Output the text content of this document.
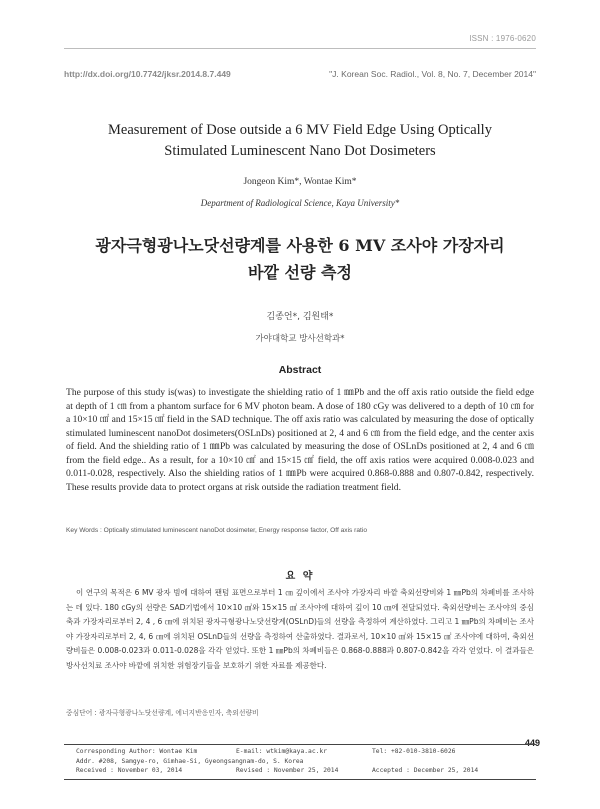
ISSN : 1976-0620
http://dx.doi.org/10.7742/jksr.2014.8.7.449	"J. Korean Soc. Radiol., Vol. 8, No. 7, December 2014"
Measurement of Dose outside a 6 MV Field Edge Using Optically
Stimulated Luminescent Nano Dot Dosimeters
Jongeon Kim*, Wontae Kim*
Department of Radiological Science, Kaya University*
광자극형광나노닷선량계를 사용한 6 MV 조사야 가장자리
바깥 선량 측정
김종언*, 김원태*
가야대학교 방사선학과*
Abstract

The purpose of this study is(was) to investigate the shielding ratio of 1 ㎜Pb and the off axis ratio outside the field edge at depth of 1 ㎝ from a phantom surface for 6 MV photon beam. A dose of 180 cGy was delivered to a depth of 10 ㎝ for a 10×10 ㎠ and 15×15 ㎠ field in the SAD technique. The off axis ratio was calculated by measuring the dose of optically stimulated luminescent nanoDot dosimeters(OSLnDs) positioned at 2, 4 and 6 ㎝ from the field edge, and the center axis of field. And the shielding ratio of 1 ㎜Pb was calculated by measuring the dose of OSLnDs positioned at 2, 4 and 6 ㎝ from the field edge.. As a result, for a 10×10 ㎠ and 15×15 ㎠ field, the off axis ratios were acquired 0.008-0.023 and 0.011-0.028, respectively. Also the shielding ratios of 1 ㎜Pb were acquired 0.868-0.888 and 0.807-0.842, respectively. These results provide data to protect organs at risk outside the radiation treatment field.

Key Words : Optically stimulated luminescent nanoDot dosimeter, Energy response factor, Off axis ratio
요 약

이 연구의 목적은 6 MV 광자 빔에 대하여 팬텀 표면으로부터 1 ㎝ 깊이에서 조사야 가장자리 바깥 축외선량비와 1 ㎜Pb의 차폐비를 조사하는 데 있다. 180 cGy의 선량은 SAD기법에서 10×10 ㎠와 15×15 ㎠ 조사야에 대하여 깊이 10 ㎝에 전달되었다. 축외선량비는 조사야의 중심축과 가장자리로부터 2, 4 , 6 ㎝에 위치된 광자극형광나노닷선량계(OSLnD)들의 선량을 측정하여 계산하였다. 그리고 1 ㎜Pb의 차폐비는 조사야 가장자리로부터 2, 4, 6 ㎝에 위치된 OSLnD들의 선량을 측정하여 산출하였다. 결과로서, 10×10 ㎠와 15×15 ㎠ 조사야에 대하여, 축외선량비들은 0.008-0.023과 0.011-0.028을 각각 얻었다. 또한 1 ㎜Pb의 차폐비들은 0.868-0.888과 0.807-0.842을 각각 얻었다. 이 결과들은 방사선치료 조사야 바깥에 위치한 위험장기들을 보호하기 위한 자료를 제공한다.

중심단어 : 광자극형광나노닷선량계, 에너지반응인자, 축외선량비
449
Corresponding Author: Wontae Kim	E-mail: wtkim@kaya.ac.kr	Tel: +82-010-3810-6026
Addr. #208, Samgye-ro, Gimhae-Si, Gyeongsangnam-do, S. Korea
Received : November 03, 2014	Revised : November 25, 2014	Accepted : December 25, 2014
